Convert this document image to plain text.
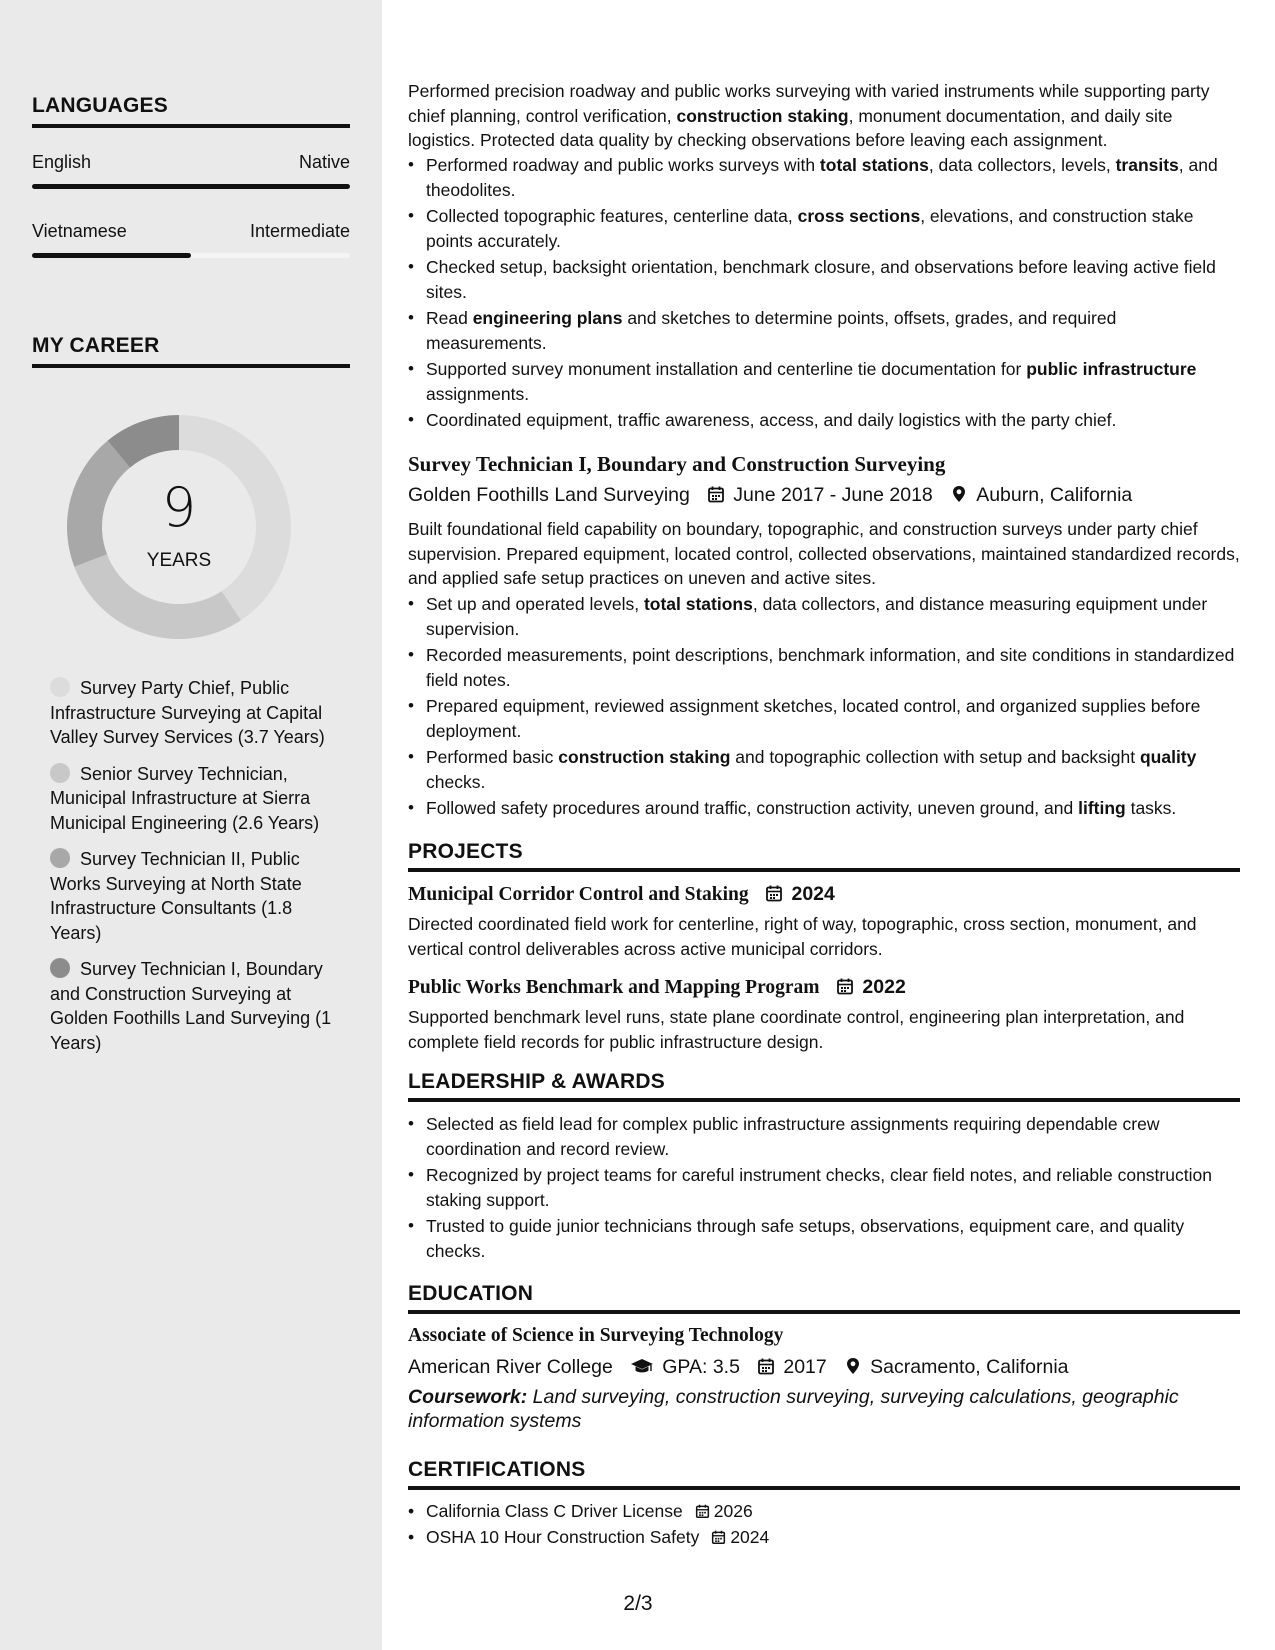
LANGUAGES
English	Native
Vietnamese	Intermediate
MY CAREER
9
YEARS
Survey Party Chief, Public Infrastructure Surveying at Capital Valley Survey Services (3.7 Years)
Senior Survey Technician, Municipal Infrastructure at Sierra Municipal Engineering (2.6 Years)
Survey Technician II, Public Works Surveying at North State Infrastructure Consultants (1.8 Years)
Survey Technician I, Boundary and Construction Surveying at Golden Foothills Land Surveying (1 Years)

Performed precision roadway and public works surveying with varied instruments while supporting party chief planning, control verification, construction staking, monument documentation, and daily site logistics. Protected data quality by checking observations before leaving each assignment.

• Performed roadway and public works surveys with total stations, data collectors, levels, transits, and theodolites.
• Collected topographic features, centerline data, cross sections, elevations, and construction stake points accurately.
• Checked setup, backsight orientation, benchmark closure, and observations before leaving active field sites.
• Read engineering plans and sketches to determine points, offsets, grades, and required measurements.
• Supported survey monument installation and centerline tie documentation for public infrastructure assignments.
• Coordinated equipment, traffic awareness, access, and daily logistics with the party chief.
Survey Technician I, Boundary and Construction Surveying
Golden Foothills Land Surveying June 2017 - June 2018 Auburn, California

Built foundational field capability on boundary, topographic, and construction surveys under party chief supervision. Prepared equipment, located control, collected observations, maintained standardized records, and applied safe setup practices on uneven and active sites.

• Set up and operated levels, total stations, data collectors, and distance measuring equipment under supervision.
• Recorded measurements, point descriptions, benchmark information, and site conditions in standardized field notes.
• Prepared equipment, reviewed assignment sketches, located control, and organized supplies before deployment.
• Performed basic construction staking and topographic collection with setup and backsight quality checks.
• Followed safety procedures around traffic, construction activity, uneven ground, and lifting tasks.
PROJECTS
Municipal Corridor Control and Staking 2024

Directed coordinated field work for centerline, right of way, topographic, cross section, monument, and vertical control deliverables across active municipal corridors.

Public Works Benchmark and Mapping Program 2022

Supported benchmark level runs, state plane coordinate control, engineering plan interpretation, and complete field records for public infrastructure design.

LEADERSHIP & AWARDS
• Selected as field lead for complex public infrastructure assignments requiring dependable crew coordination and record review.
• Recognized by project teams for careful instrument checks, clear field notes, and reliable construction staking support.
• Trusted to guide junior technicians through safe setups, observations, equipment care, and quality checks.
EDUCATION
Associate of Science in Surveying Technology
American River College	GPA: 3.5 2017 Sacramento, California

Coursework: Land surveying, construction surveying, surveying calculations, geographic information systems

CERTIFICATIONS
• California Class C Driver License 2026
• OSHA 10 Hour Construction Safety 2024
2/3
